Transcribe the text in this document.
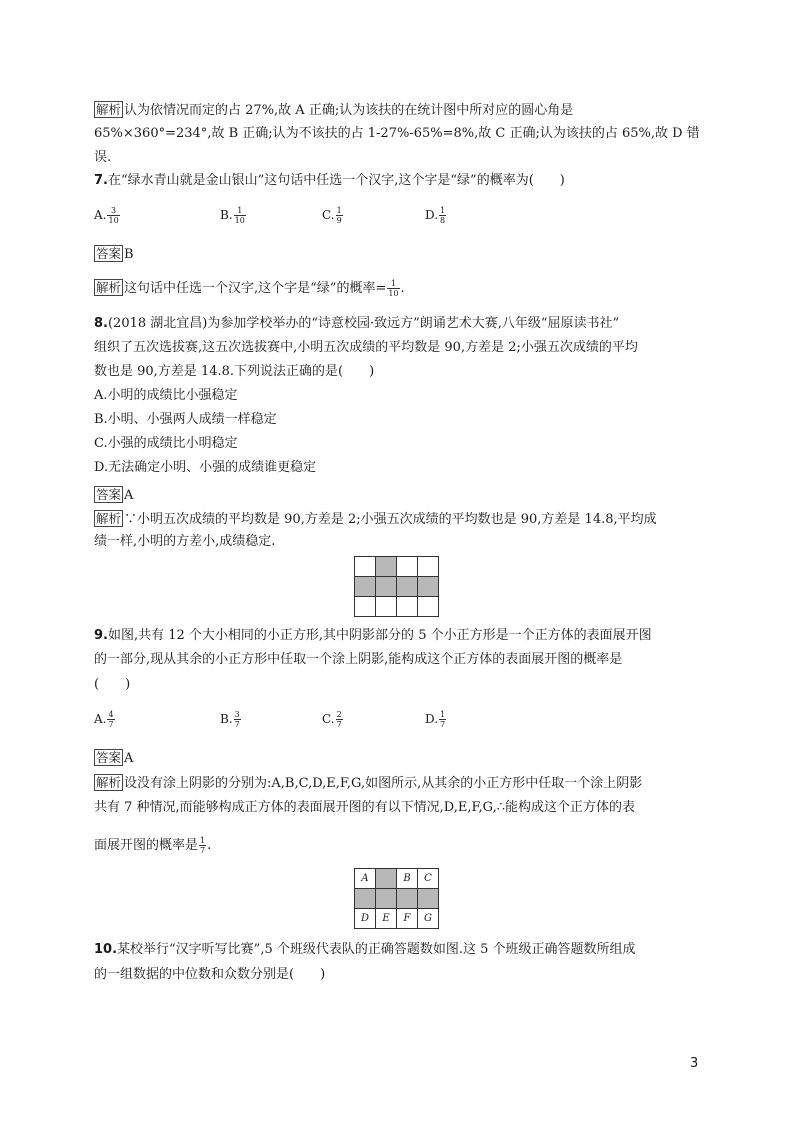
解析 认为依情况而定的占 27%,故 A 正确;认为该扶的在统计图中所对应的圆心角是
65%×360°=234°,故 B 正确;认为不该扶的占 1-27%-65%=8%,故 C 正确;认为该扶的占 65%,故 D 错
误.
7.在“绿水青山就是金山银山”这句话中任选一个汉字,这个字是“绿”的概率为(　　)
A. $\frac{3}{10}$	B. $\frac{1}{10}$	C. $\frac{1}{9}$	D. $\frac{1}{8}$
答案 B
解析 这句话中任选一个汉字,这个字是“绿”的概率= $\frac{1}{10}$ .
8.(2018 湖北宜昌)为参加学校举办的“诗意校园·致远方”朗诵艺术大赛,八年级“屈原读书社”
组织了五次选拔赛,这五次选拔赛中,小明五次成绩的平均数是 90,方差是 2;小强五次成绩的平均
数也是 90,方差是 14.8.下列说法正确的是(　　)
A.小明的成绩比小强稳定
B.小明、小强两人成绩一样稳定
C.小强的成绩比小明稳定
D.无法确定小明、小强的成绩谁更稳定
答案 A
解析 ∵小明五次成绩的平均数是 90,方差是 2;小强五次成绩的平均数也是 90,方差是 14.8,平均成
绩一样,小明的方差小,成绩稳定.

9.如图,共有 12 个大小相同的小正方形,其中阴影部分的 5 个小正方形是一个正方体的表面展开图
的一部分,现从其余的小正方形中任取一个涂上阴影,能构成这个正方体的表面展开图的概率是
(　　)
A. $\frac{4}{7}$	B. $\frac{3}{7}$	C. $\frac{2}{7}$	D. $\frac{1}{7}$
答案 A
解析 设没有涂上阴影的分别为:A,B,C,D,E,F,G,如图所示,从其余的小正方形中任取一个涂上阴影
共有 7 种情况,而能够构成正方体的表面展开图的有以下情况,D,E,F,G,∴能构成这个正方体的表
面展开图的概率是 $\frac{1}{7}$ .
A		B	C

D	E	F	G
10.某校举行“汉字听写比赛”,5 个班级代表队的正确答题数如图.这 5 个班级正确答题数所组成
的一组数据的中位数和众数分别是(　　)
3
